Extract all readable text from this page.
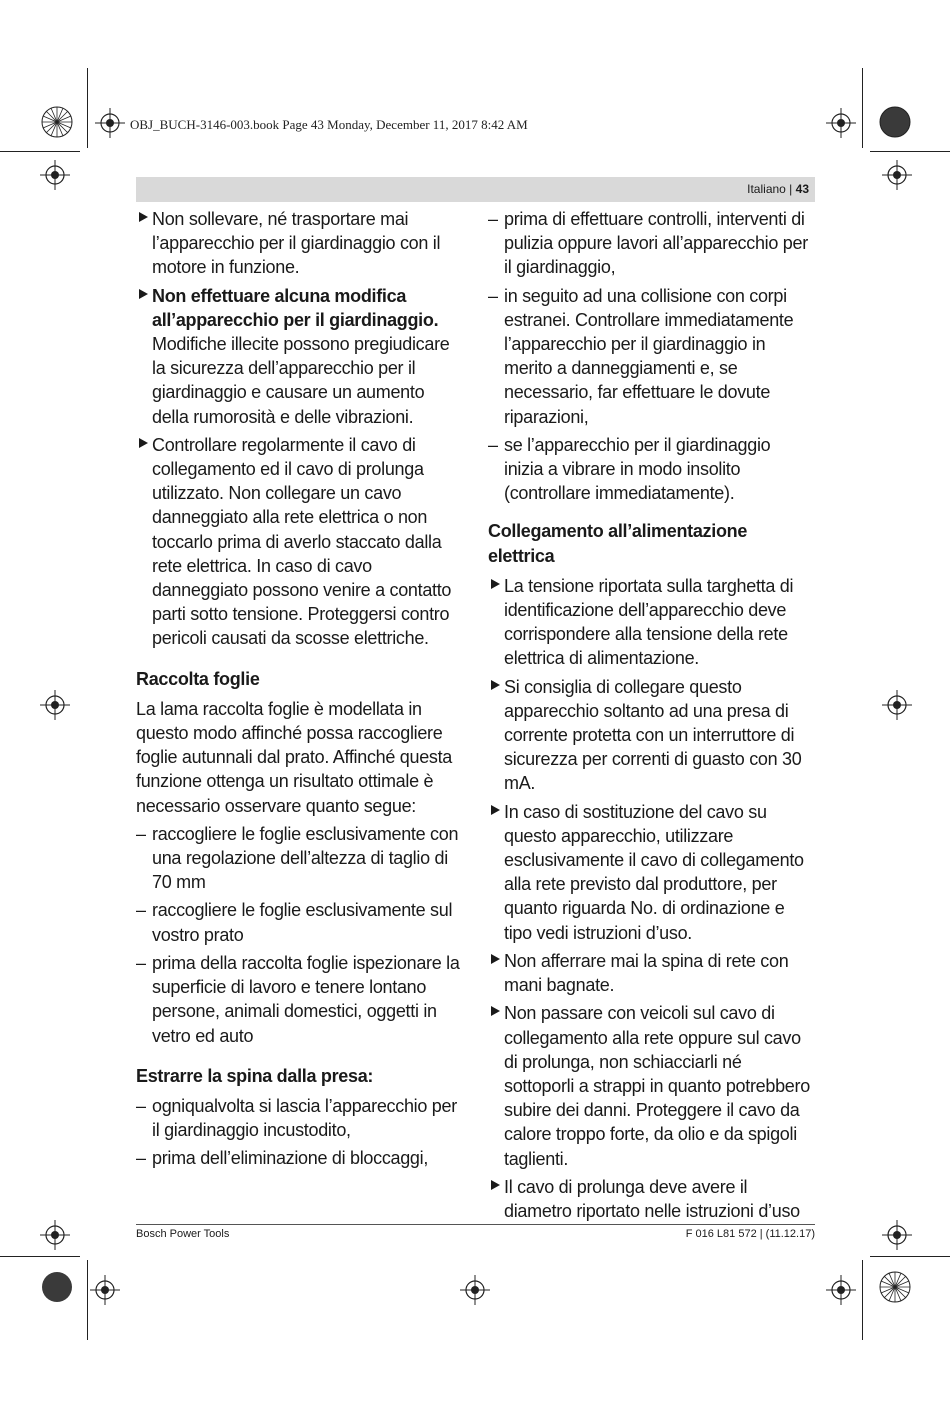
OBJ_BUCH-3146-003.book Page 43 Monday, December 11, 2017 8:42 AM
Italiano | 43
Non sollevare, né trasportare mai l’apparecchio per il giardinaggio con il motore in funzione.
Non effettuare alcuna modifica all’apparecchio per il giardinaggio. Modifiche illecite possono pregiudicare la sicurezza dell’apparecchio per il giardinaggio e causare un aumento della rumorosità e delle vibrazioni.
Controllare regolarmente il cavo di collegamento ed il cavo di prolunga utilizzato. Non collegare un cavo danneggiato alla rete elettrica o non toccarlo prima di averlo staccato dalla rete elettrica. In caso di cavo danneggiato possono venire a contatto parti sotto tensione. Proteggersi contro pericoli causati da scosse elettriche.
Raccolta foglie

La lama raccolta foglie è modellata in questo modo affinché possa raccogliere foglie autunnali dal prato. Affinché questa funzione ottenga un risultato ottimale è necessario osservare quanto segue:

– raccogliere le foglie esclusivamente con una regolazione dell’altezza di taglio di 70 mm
– raccogliere le foglie esclusivamente sul vostro prato
– prima della raccolta foglie ispezionare la superficie di lavoro e tenere lontano persone, animali domestici, oggetti in vetro ed auto
Estrarre la spina dalla presa:
– ogniqualvolta si lascia l’apparecchio per il giardinaggio incustodito,
– prima dell’eliminazione di bloccaggi,
– prima di effettuare controlli, interventi di pulizia oppure lavori all’apparecchio per il giardinaggio,
– in seguito ad una collisione con corpi estranei. Controllare immediatamente l’apparecchio per il giardinaggio in merito a danneggiamenti e, se necessario, far effettuare le dovute riparazioni,
– se l’apparecchio per il giardinaggio inizia a vibrare in modo insolito (controllare immediatamente).
Collegamento all’alimentazione elettrica
La tensione riportata sulla targhetta di identificazione dell’apparecchio deve corrispondere alla tensione della rete elettrica di alimentazione.
Si consiglia di collegare questo apparecchio soltanto ad una presa di corrente protetta con un interruttore di sicurezza per correnti di guasto con 30 mA.
In caso di sostituzione del cavo su questo apparecchio, utilizzare esclusivamente il cavo di collegamento alla rete previsto dal produttore, per quanto riguarda No. di ordinazione e tipo vedi istruzioni d’uso.
Non afferrare mai la spina di rete con mani bagnate.
Non passare con veicoli sul cavo di collegamento alla rete oppure sul cavo di prolunga, non schiacciarli né sottoporli a strappi in quanto potrebbero subire dei danni. Proteggere il cavo da calore troppo forte, da olio e da spigoli taglienti.
Il cavo di prolunga deve avere il diametro riportato nelle istruzioni d’uso
Bosch Power Tools	F 016 L81 572 | (11.12.17)
